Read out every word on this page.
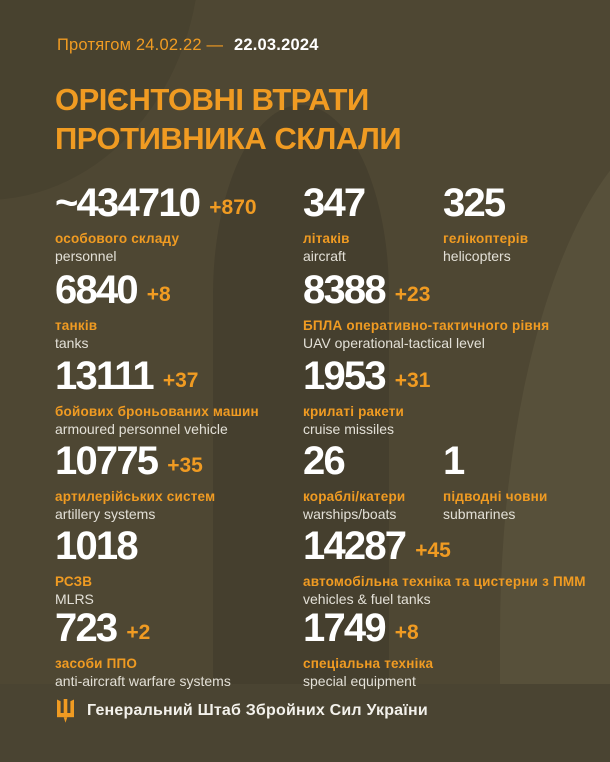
Протягом 24.02.22 — 22.03.2024
ОРІЄНТОВНІ ВТРАТИ
ПРОТИВНИКА СКЛАЛИ
~434710 +870
особового складу
personnel
347
літаків
aircraft
325
гелікоптерів
helicopters
6840 +8
танків
tanks
8388 +23
БПЛА оперативно-тактичного рівня
UAV operational-tactical level
13111 +37
бойових броньованих машин
armoured personnel vehicle
1953 +31
крилаті ракети
cruise missiles
10775 +35
артилерійських систем
artillery systems
26
кораблі/катери
warships/boats
1
підводні човни
submarines
1018
РСЗВ
MLRS
14287 +45
автомобільна техніка та цистерни з ПММ
vehicles & fuel tanks
723 +2
засоби ППО
anti-aircraft warfare systems
1749 +8
спеціальна техніка
special equipment
Генеральний Штаб Збройних Сил України
